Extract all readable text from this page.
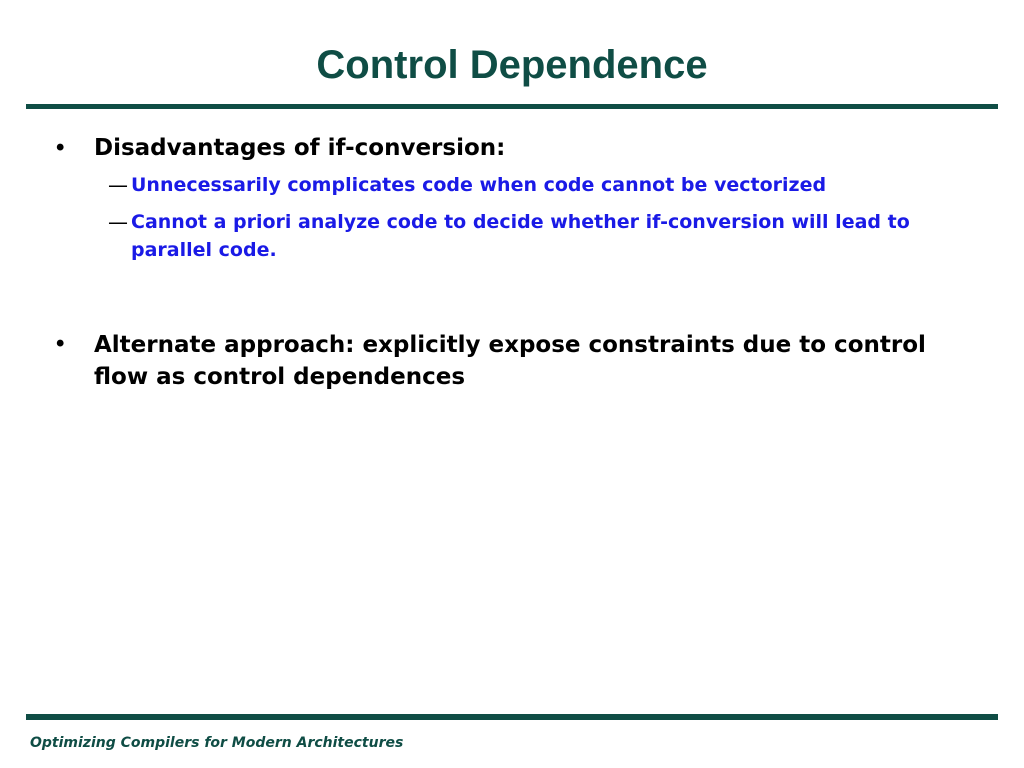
Control Dependence
• Disadvantages of if-conversion:
— Unnecessarily complicates code when code cannot be vectorized
— Cannot a priori analyze code to decide whether if-conversion will lead to parallel code.
• Alternate approach: explicitly expose constraints due to control flow as control dependences
Optimizing Compilers for Modern Architectures
